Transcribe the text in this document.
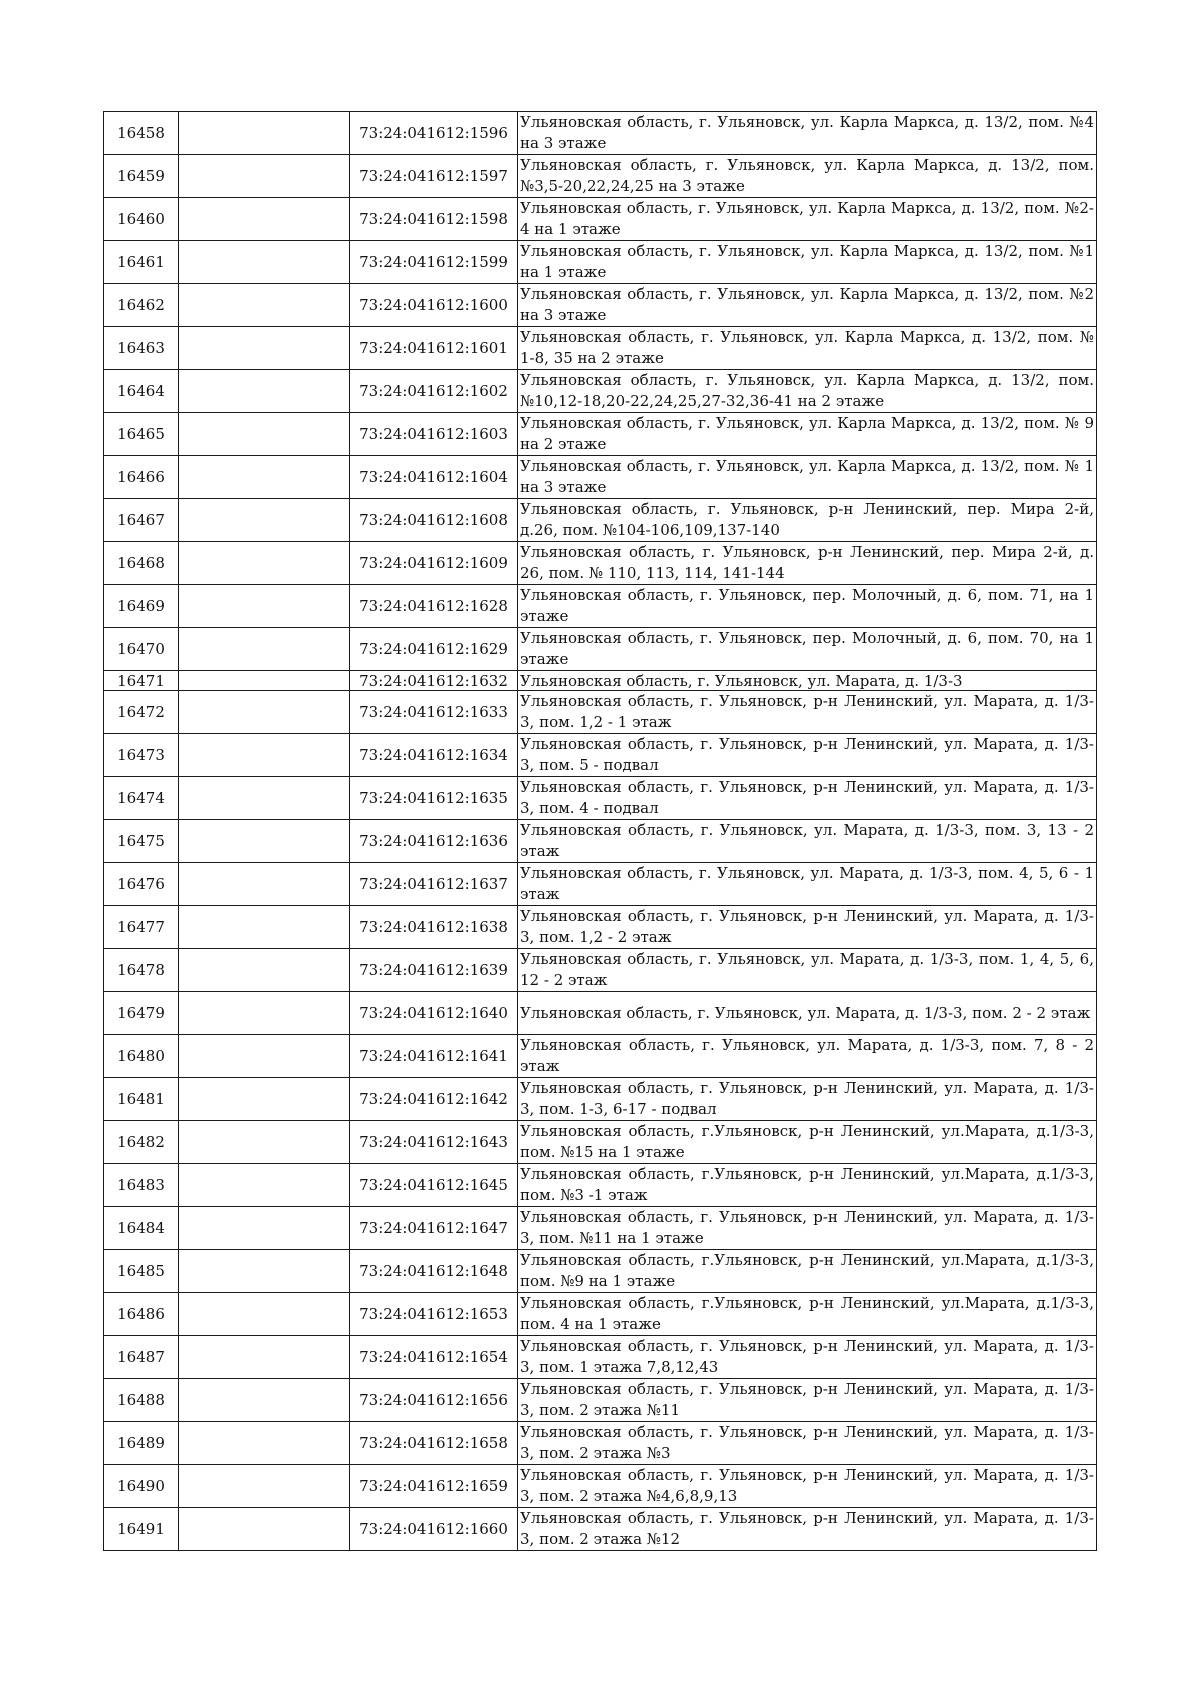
16458		73:24:041612:1596	Ульяновская область, г. Ульяновск, ул. Карла Маркса, д. 13/2, пом. №4 на 3 этаже
16459		73:24:041612:1597	Ульяновская область, г. Ульяновск, ул. Карла Маркса, д. 13/2, пом. №3,5-20,22,24,25 на 3 этаже
16460		73:24:041612:1598	Ульяновская область, г. Ульяновск, ул. Карла Маркса, д. 13/2, пом. №2-4 на 1 этаже
16461		73:24:041612:1599	Ульяновская область, г. Ульяновск, ул. Карла Маркса, д. 13/2, пом. №1 на 1 этаже
16462		73:24:041612:1600	Ульяновская область, г. Ульяновск, ул. Карла Маркса, д. 13/2, пом. №2 на 3 этаже
16463		73:24:041612:1601	Ульяновская область, г. Ульяновск, ул. Карла Маркса, д. 13/2, пом. № 1-8, 35 на 2 этаже
16464		73:24:041612:1602	Ульяновская область, г. Ульяновск, ул. Карла Маркса, д. 13/2, пом. №10,12-18,20-22,24,25,27-32,36-41 на 2 этаже
16465		73:24:041612:1603	Ульяновская область, г. Ульяновск, ул. Карла Маркса, д. 13/2, пом. № 9 на 2 этаже
16466		73:24:041612:1604	Ульяновская область, г. Ульяновск, ул. Карла Маркса, д. 13/2, пом. № 1 на 3 этаже
16467		73:24:041612:1608	Ульяновская область, г. Ульяновск, р-н Ленинский, пер. Мира 2-й, д.26, пом. №104-106,109,137-140
16468		73:24:041612:1609	Ульяновская область, г. Ульяновск, р-н Ленинский, пер. Мира 2-й, д. 26, пом. № 110, 113, 114, 141-144
16469		73:24:041612:1628	Ульяновская область, г. Ульяновск, пер. Молочный, д. 6, пом. 71, на 1 этаже
16470		73:24:041612:1629	Ульяновская область, г. Ульяновск, пер. Молочный, д. 6, пом. 70, на 1 этаже
16471		73:24:041612:1632	Ульяновская область, г. Ульяновск, ул. Марата, д. 1/3-3
16472		73:24:041612:1633	Ульяновская область, г. Ульяновск, р-н Ленинский, ул. Марата, д. 1/3-3, пом. 1,2 - 1 этаж
16473		73:24:041612:1634	Ульяновская область, г. Ульяновск, р-н Ленинский, ул. Марата, д. 1/3-3, пом. 5 - подвал
16474		73:24:041612:1635	Ульяновская область, г. Ульяновск, р-н Ленинский, ул. Марата, д. 1/3-3, пом. 4 - подвал
16475		73:24:041612:1636	Ульяновская область, г. Ульяновск, ул. Марата, д. 1/3-3, пом. 3, 13 - 2 этаж
16476		73:24:041612:1637	Ульяновская область, г. Ульяновск, ул. Марата, д. 1/3-3, пом. 4, 5, 6 - 1 этаж
16477		73:24:041612:1638	Ульяновская область, г. Ульяновск, р-н Ленинский, ул. Марата, д. 1/3-3, пом. 1,2 - 2 этаж
16478		73:24:041612:1639	Ульяновская область, г. Ульяновск, ул. Марата, д. 1/3-3, пом. 1, 4, 5, 6, 12 - 2 этаж
16479		73:24:041612:1640	Ульяновская область, г. Ульяновск, ул. Марата, д. 1/3-3, пом. 2 - 2 этаж
16480		73:24:041612:1641	Ульяновская область, г. Ульяновск, ул. Марата, д. 1/3-3, пом. 7, 8 - 2 этаж
16481		73:24:041612:1642	Ульяновская область, г. Ульяновск, р-н Ленинский, ул. Марата, д. 1/3-3, пом. 1-3, 6-17 - подвал
16482		73:24:041612:1643	Ульяновская область, г.Ульяновск, р-н Ленинский, ул.Марата, д.1/3-3, пом. №15 на 1 этаже
16483		73:24:041612:1645	Ульяновская область, г.Ульяновск, р-н Ленинский, ул.Марата, д.1/3-3, пом. №3 -1 этаж
16484		73:24:041612:1647	Ульяновская область, г. Ульяновск, р-н Ленинский, ул. Марата, д. 1/3-3, пом. №11 на 1 этаже
16485		73:24:041612:1648	Ульяновская область, г.Ульяновск, р-н Ленинский, ул.Марата, д.1/3-3, пом. №9 на 1 этаже
16486		73:24:041612:1653	Ульяновская область, г.Ульяновск, р-н Ленинский, ул.Марата, д.1/3-3, пом. 4 на 1 этаже
16487		73:24:041612:1654	Ульяновская область, г. Ульяновск, р-н Ленинский, ул. Марата, д. 1/3-3, пом. 1 этажа 7,8,12,43
16488		73:24:041612:1656	Ульяновская область, г. Ульяновск, р-н Ленинский, ул. Марата, д. 1/3-3, пом. 2 этажа №11
16489		73:24:041612:1658	Ульяновская область, г. Ульяновск, р-н Ленинский, ул. Марата, д. 1/3-3, пом. 2 этажа №3
16490		73:24:041612:1659	Ульяновская область, г. Ульяновск, р-н Ленинский, ул. Марата, д. 1/3-3, пом. 2 этажа №4,6,8,9,13
16491		73:24:041612:1660	Ульяновская область, г. Ульяновск, р-н Ленинский, ул. Марата, д. 1/3-3, пом. 2 этажа №12
